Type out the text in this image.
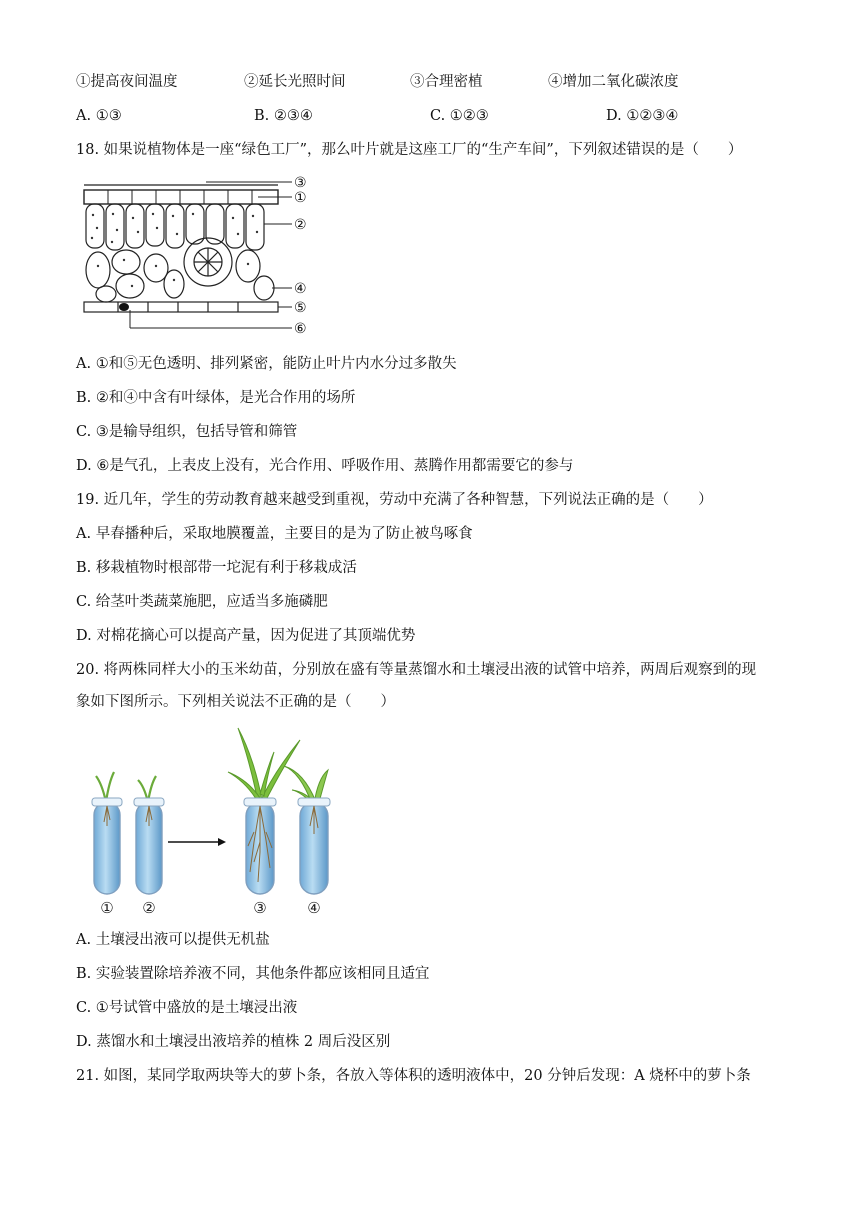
①提高夜间温度	②延长光照时间	③合理密植	④增加二氧化碳浓度
A. ①③	B. ②③④	C. ①②③	D. ①②③④
18. 如果说植物体是一座“绿色工厂”，那么叶片就是这座工厂的“生产车间”，下列叙述错误的是（　　）
③
①
②
④
⑤
⑥
A. ①和⑤无色透明、排列紧密，能防止叶片内水分过多散失
B. ②和④中含有叶绿体，是光合作用的场所
C. ③是输导组织，包括导管和筛管
D. ⑥是气孔，上表皮上没有，光合作用、呼吸作用、蒸腾作用都需要它的参与
19. 近几年，学生的劳动教育越来越受到重视，劳动中充满了各种智慧，下列说法正确的是（　　）
A. 早春播种后，采取地膜覆盖，主要目的是为了防止被鸟啄食
B. 移栽植物时根部带一坨泥有利于移栽成活
C. 给茎叶类蔬菜施肥，应适当多施磷肥
D. 对棉花摘心可以提高产量，因为促进了其顶端优势
20. 将两株同样大小的玉米幼苗，分别放在盛有等量蒸馏水和土壤浸出液的试管中培养，两周后观察到的现
象如下图所示。下列相关说法不正确的是（　　）
① ②	③	④
A. 土壤浸出液可以提供无机盐
B. 实验装置除培养液不同，其他条件都应该相同且适宜
C. ①号试管中盛放的是土壤浸出液
D. 蒸馏水和土壤浸出液培养的植株 2 周后没区别
21. 如图，某同学取两块等大的萝卜条，各放入等体积的透明液体中，20 分钟后发现：A 烧杯中的萝卜条
